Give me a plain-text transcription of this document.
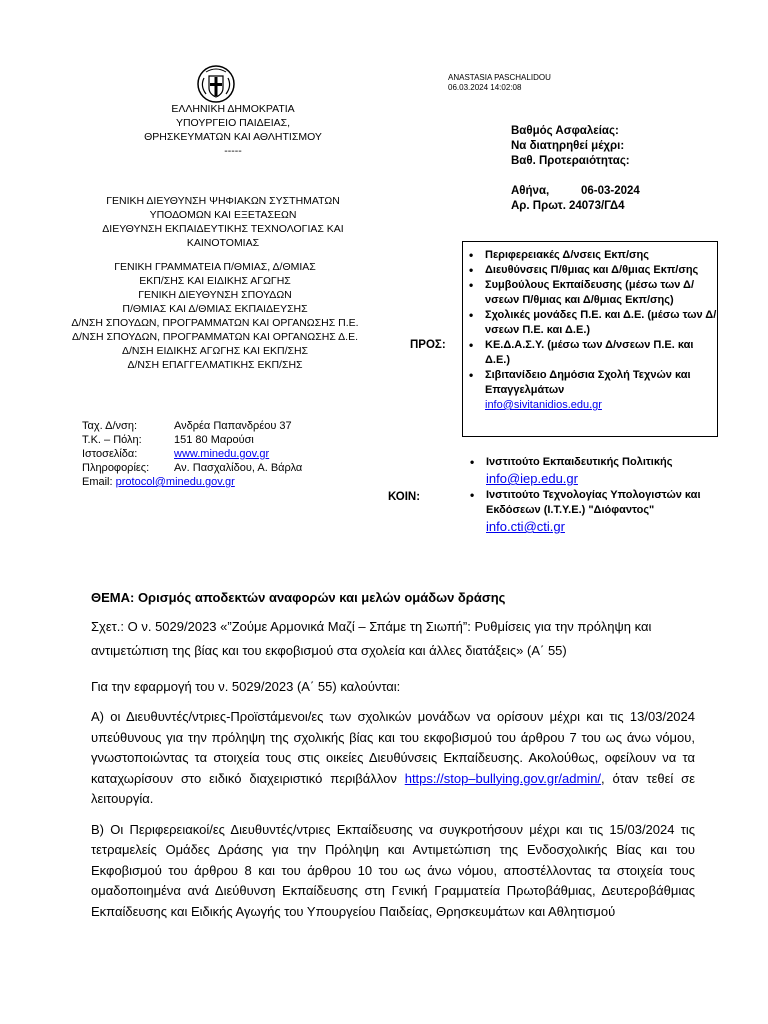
ANASTASIA PASCHALIDOU
06.03.2024 14:02:08
ΕΛΛΗΝΙΚΗ ΔΗΜΟΚΡΑΤΙΑ
ΥΠΟΥΡΓΕΙΟ ΠΑΙΔΕΙΑΣ,
ΘΡΗΣΚΕΥΜΑΤΩΝ ΚΑΙ ΑΘΛΗΤΙΣΜΟΥ
-----
ΓΕΝΙΚΗ ΔΙΕΥΘΥΝΣΗ ΨΗΦΙΑΚΩΝ ΣΥΣΤΗΜΑΤΩΝ
ΥΠΟΔΟΜΩΝ ΚΑΙ ΕΞΕΤΑΣΕΩΝ
ΔΙΕΥΘΥΝΣΗ ΕΚΠΑΙΔΕΥΤΙΚΗΣ ΤΕΧΝΟΛΟΓΙΑΣ ΚΑΙ
ΚΑΙΝΟΤΟΜΙΑΣ
ΓΕΝΙΚΗ ΓΡΑΜΜΑΤΕΙΑ Π/ΘΜΙΑΣ, Δ/ΘΜΙΑΣ
ΕΚΠ/ΣΗΣ ΚΑΙ ΕΙΔΙΚΗΣ ΑΓΩΓΗΣ
ΓΕΝΙΚΗ ΔΙΕΥΘΥΝΣΗ ΣΠΟΥΔΩΝ
Π/ΘΜΙΑΣ ΚΑΙ Δ/ΘΜΙΑΣ ΕΚΠΑΙΔΕΥΣΗΣ
Δ/ΝΣΗ ΣΠΟΥΔΩΝ, ΠΡΟΓΡΑΜΜΑΤΩΝ ΚΑΙ ΟΡΓΑΝΩΣΗΣ Π.Ε.
Δ/ΝΣΗ ΣΠΟΥΔΩΝ, ΠΡΟΓΡΑΜΜΑΤΩΝ ΚΑΙ ΟΡΓΑΝΩΣΗΣ Δ.Ε.
Δ/ΝΣΗ ΕΙΔΙΚΗΣ ΑΓΩΓΗΣ ΚΑΙ ΕΚΠ/ΣΗΣ
Δ/ΝΣΗ ΕΠΑΓΓΕΛΜΑΤΙΚΗΣ ΕΚΠ/ΣΗΣ
Βαθμός Ασφαλείας:
Να διατηρηθεί μέχρι:
Βαθ. Προτεραιότητας:
Αθήνα,	06-03-2024
Αρ. Πρωτ. 24073/ΓΔ4
Ταχ. Δ/νση:	Ανδρέα Παπανδρέου 37
Τ.Κ. – Πόλη:	151 80 Μαρούσι
Ιστοσελίδα:	www.minedu.gov.gr
Πληροφορίες: Αν. Πασχαλίδου, Α. Βάρλα
Email: protocol@minedu.gov.gr
ΠΡΟΣ:
• Περιφερειακές Δ/νσεις Εκπ/σης
• Διευθύνσεις Π/θμιας και Δ/θμιας Εκπ/σης
• Συμβούλους Εκπαίδευσης (μέσω των Δ/νσεων Π/θμιας και Δ/θμιας Εκπ/σης)
• Σχολικές μονάδες Π.Ε. και Δ.Ε. (μέσω των Δ/νσεων Π.Ε. και Δ.Ε.)
• ΚΕ.Δ.Α.Σ.Υ. (μέσω των Δ/νσεων Π.Ε. και Δ.Ε.)
• Σιβιτανίδειο Δημόσια Σχολή Τεχνών και Επαγγελμάτων
info@sivitanidios.edu.gr
ΚΟΙΝ:
• Ινστιτούτο Εκπαιδευτικής Πολιτικής
info@iep.edu.gr
• Ινστιτούτο Τεχνολογίας Υπολογιστών και Εκδόσεων (Ι.Τ.Υ.Ε.) "Διόφαντος"
info.cti@cti.gr

ΘΕΜΑ: Ορισμός αποδεκτών αναφορών και μελών ομάδων δράσης

Σχετ.: Ο ν. 5029/2023 «”Ζούμε Αρμονικά Μαζί – Σπάμε τη Σιωπή”: Ρυθμίσεις για την πρόληψη και αντιμετώπιση της βίας και του εκφοβισμού στα σχολεία και άλλες διατάξεις» (Α΄ 55)

Για την εφαρμογή του ν. 5029/2023 (Α΄ 55) καλούνται:

Α) οι Διευθυντές/ντριες-Προϊστάμενοι/ες των σχολικών μονάδων να ορίσουν μέχρι και τις 13/03/2024 υπεύθυνους για την πρόληψη της σχολικής βίας και του εκφοβισμού του άρθρου 7 του ως άνω νόμου, γνωστοποιώντας τα στοιχεία τους στις οικείες Διευθύνσεις Εκπαίδευσης. Ακολούθως, οφείλουν να τα καταχωρίσουν στο ειδικό διαχειριστικό περιβάλλον https://stop–bullying.gov.gr/admin/, όταν τεθεί σε λειτουργία.

Β) Οι Περιφερειακοί/ες Διευθυντές/ντριες Εκπαίδευσης να συγκροτήσουν μέχρι και τις 15/03/2024 τις τετραμελείς Ομάδες Δράσης για την Πρόληψη και Αντιμετώπιση της Ενδοσχολικής Βίας και του Εκφοβισμού του άρθρου 8 και του άρθρου 10 του ως άνω νόμου, αποστέλλοντας τα στοιχεία τους ομαδοποιημένα ανά Διεύθυνση Εκπαίδευσης στη Γενική Γραμματεία Πρωτοβάθμιας, Δευτεροβάθμιας Εκπαίδευσης και Ειδικής Αγωγής του Υπουργείου Παιδείας, Θρησκευμάτων και Αθλητισμού
